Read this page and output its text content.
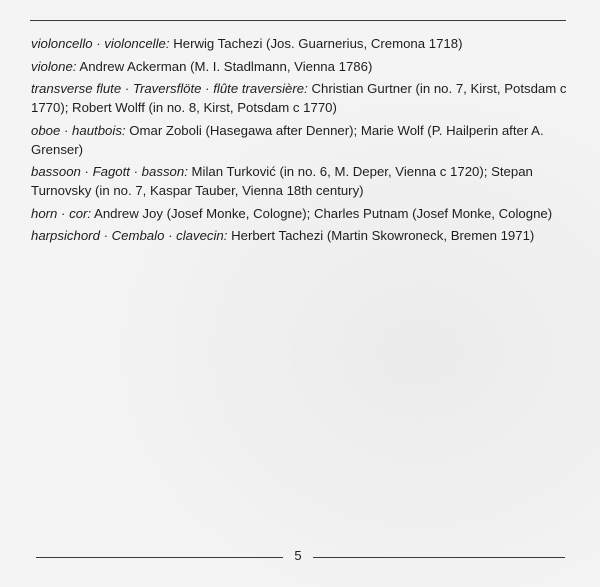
violoncello · violoncelle: Herwig Tachezi (Jos. Guarnerius, Cremona 1718)

violone: Andrew Ackerman (M. I. Stadlmann, Vienna 1786)

transverse flute · Traversflöte · flûte traversière: Christian Gurtner (in no. 7, Kirst, Potsdam c 1770); Robert Wolff (in no. 8, Kirst, Potsdam c 1770)

oboe · hautbois: Omar Zoboli (Hasegawa after Denner); Marie Wolf (P. Hailperin after A. Grenser)

bassoon · Fagott · basson: Milan Turković (in no. 6, M. Deper, Vienna c 1720); Stepan Turnovsky (in no. 7, Kaspar Tauber, Vienna 18th century)

horn · cor: Andrew Joy (Josef Monke, Cologne); Charles Putnam (Josef Monke, Cologne)

harpsichord · Cembalo · clavecin: Herbert Tachezi (Martin Skowroneck, Bremen 1971)

5
